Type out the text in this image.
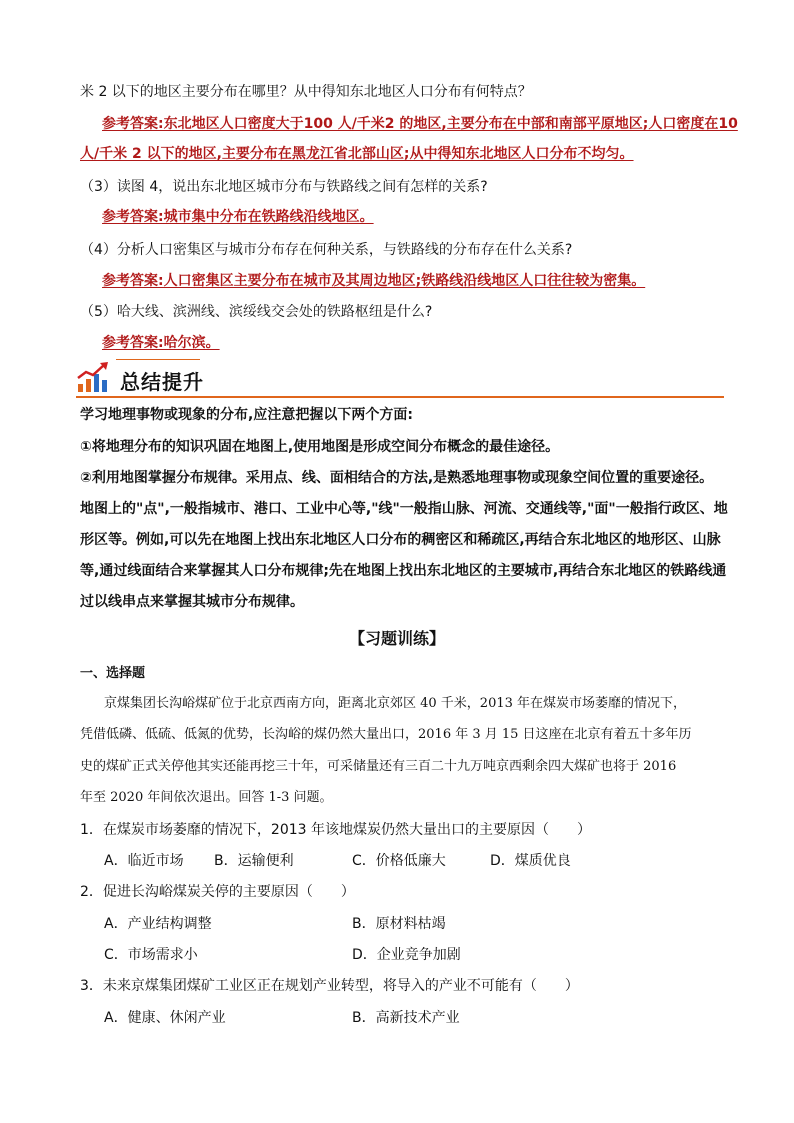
米 2 以下的地区主要分布在哪里？从中得知东北地区人口分布有何特点？
参考答案:东北地区人口密度大于100 人/千米2 的地区,主要分布在中部和南部平原地区;人口密度在10
人/千米 2 以下的地区,主要分布在黑龙江省北部山区;从中得知东北地区人口分布不均匀。
（3）读图 4，说出东北地区城市分布与铁路线之间有怎样的关系?
参考答案:城市集中分布在铁路线沿线地区。
（4）分析人口密集区与城市分布存在何种关系，与铁路线的分布存在什么关系?
参考答案:人口密集区主要分布在城市及其周边地区;铁路线沿线地区人口往往较为密集。
（5）哈大线、滨洲线、滨绥线交会处的铁路枢纽是什么?
参考答案:哈尔滨。
总结提升
学习地理事物或现象的分布,应注意把握以下两个方面:
①将地理分布的知识巩固在地图上,使用地图是形成空间分布概念的最佳途径。
②利用地图掌握分布规律。采用点、线、面相结合的方法,是熟悉地理事物或现象空间位置的重要途径。
地图上的"点",一般指城市、港口、工业中心等,"线"一般指山脉、河流、交通线等,"面"一般指行政区、地
形区等。例如,可以先在地图上找出东北地区人口分布的稠密区和稀疏区,再结合东北地区的地形区、山脉
等,通过线面结合来掌握其人口分布规律;先在地图上找出东北地区的主要城市,再结合东北地区的铁路线通
过以线串点来掌握其城市分布规律。
【习题训练】
一、选择题
京煤集团长沟峪煤矿位于北京西南方向，距离北京郊区 40 千米，2013 年在煤炭市场萎靡的情况下，
凭借低磷、低硫、低氮的优势，长沟峪的煤仍然大量出口，2016 年 3 月 15 日这座在北京有着五十多年历
史的煤矿正式关停他其实还能再挖三十年，可采储量还有三百二十九万吨京西剩余四大煤矿也将于 2016
年至 2020 年间依次退出。回答 1-3 问题。
1．在煤炭市场萎靡的情况下，2013 年该地煤炭仍然大量出口的主要原因（　　）
A．临近市场 B．运输便利	C．价格低廉大	D．煤质优良
2．促进长沟峪煤炭关停的主要原因（　　）
A．产业结构调整	B．原材料枯竭
C．市场需求小	D．企业竞争加剧
3．未来京煤集团煤矿工业区正在规划产业转型，将导入的产业不可能有（　　）
A．健康、休闲产业	B．高新技术产业
